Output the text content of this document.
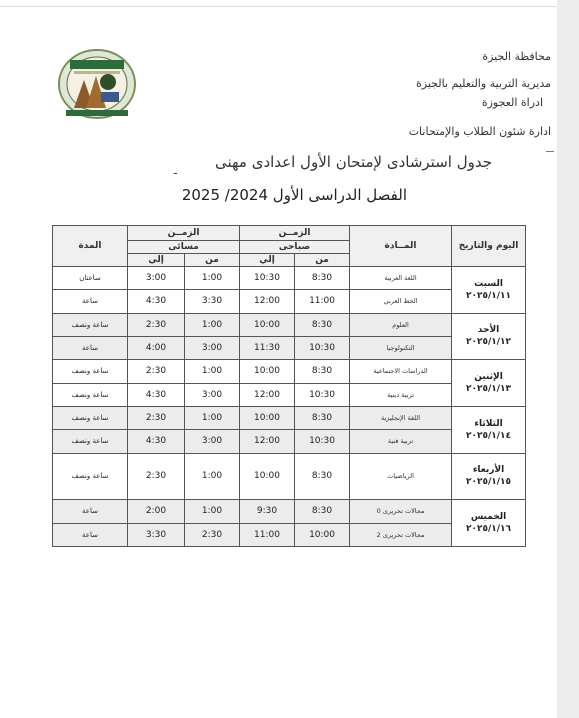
محافظة الجيزة
مديرية التربية والتعليم بالجيزة
ادراة العجوزة
ادارة شئون الطلاب والإمتحانات
جدول استرشادى لإمتحان الأول اعدادى مهنى
-
الفصل الدراسى الأول 2024/ 2025
اليوم والتاريخ	المــادة	الزمــن		الزمــن		المدة
		صباحى		مسائى		
		من	إلي	من	إلي	

السبت
٢٠٢٥/١/١١	اللغة العربية	8:30	10:30	1:00	3:00	ساعتان
	الخط العربي	11:00	12:00	3:30	4:30	ساعة

الأحد
٢٠٢٥/١/١٢	العلوم	8:30	10:00	1:00	2:30	ساعة ونصف
	التكنولوجيا	10:30	11:30	3:00	4:00	ساعة

الإثنين
٢٠٢٥/١/١٣	الدراسات الاجتماعية	8:30	10:00	1:00	2:30	ساعة ونصف
	تربية دينية	10:30	12:00	3:00	4:30	ساعة ونصف

الثلاثاء
٢٠٢٥/١/١٤	اللغة الإنجليزية	8:30	10:00	1:00	2:30	ساعة ونصف
	تربية فنية	10:30	12:00	3:00	4:30	ساعة ونصف

الأربعاء
٢٠٢٥/١/١٥	الرياضيات	8:30	10:00	1:00	2:30	ساعة ونصف

الخميس
٢٠٢٥/١/١٦	مجالات تحريرى 0	8:30	9:30	1:00	2:00	ساعة
	مجالات تحريرى 2	10:00	11:00	2:30	3:30	ساعة
